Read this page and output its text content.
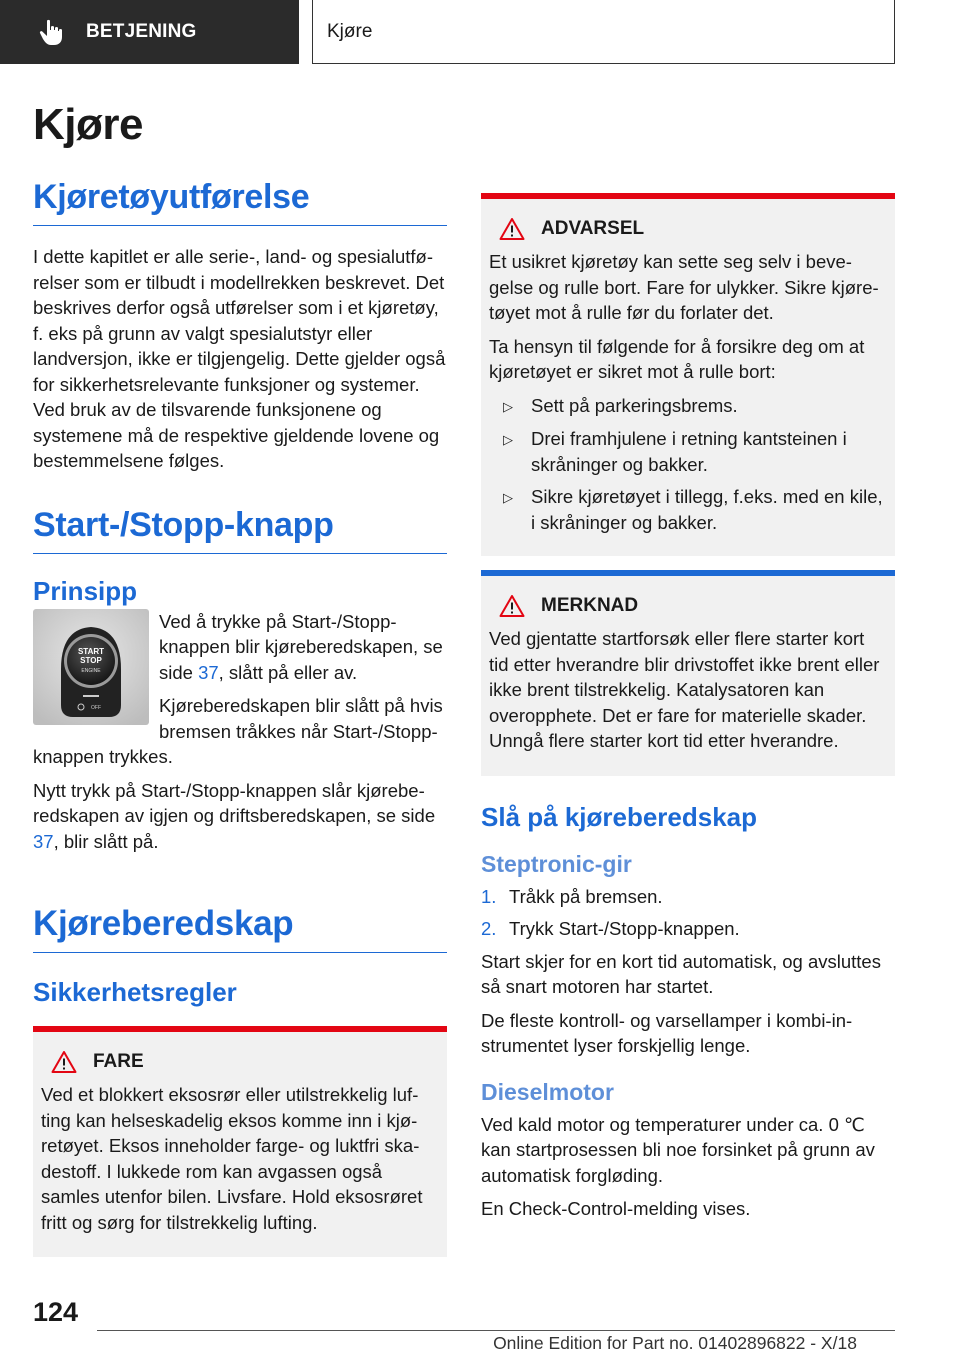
BETJENING	Kjøre
Kjøre
Kjøretøyutførelse

I dette kapitlet er alle serie-, land- og spesialutførelser som er tilbudt i modellrekken beskrevet. Det beskrives derfor også utførelser som i et kjøretøy, f. eks på grunn av valgt spesialutstyr eller landversjon, ikke er tilgjengelig. Dette gjelder også for sikkerhetsrelevante funksjoner og systemer. Ved bruk av de tilsvarende funksjonene og systemene må de respektive gjeldende lovene og bestemmelsene følges.

Start-/Stopp-knapp
Prinsipp
START
STOP
ENGINE
OFF

Ved å trykke på Start-/Stopp-knappen blir kjøreberedskapen, se side 37, slått på eller av.

Kjøreberedskapen blir slått på hvis bremsen tråkkes når Start-/Stopp-knappen trykkes.

Nytt trykk på Start-/Stopp-knappen slår kjøreberedskapen av igjen og driftsberedskapen, se side 37, blir slått på.

Kjøreberedskap
Sikkerhetsregler
FARE

Ved et blokkert eksosrør eller utilstrekkelig lufting kan helseskadelig eksos komme inn i kjøretøyet. Eksos inneholder farge- og luktfri skadestoff. I lukkede rom kan avgassen også samles utenfor bilen. Livsfare. Hold eksosrøret fritt og sørg for tilstrekkelig lufting.

ADVARSEL

Et usikret kjøretøy kan sette seg selv i bevegelse og rulle bort. Fare for ulykker. Sikre kjøretøyet mot å rulle før du forlater det.

Ta hensyn til følgende for å forsikre deg om at kjøretøyet er sikret mot å rulle bort:

▷ Sett på parkeringsbrems.
▷ Drei framhjulene i retning kantsteinen i skråninger og bakker.
▷ Sikre kjøretøyet i tillegg, f.eks. med en kile, i skråninger og bakker.
MERKNAD

Ved gjentatte startforsøk eller flere starter kort tid etter hverandre blir drivstoffet ikke brent eller ikke brent tilstrekkelig. Katalysatoren kan overopphete. Det er fare for materielle skader. Unngå flere starter kort tid etter hverandre.

Slå på kjøreberedskap
Steptronic-gir
1. Tråkk på bremsen.
2. Trykk Start-/Stopp-knappen.

Start skjer for en kort tid automatisk, og avsluttes så snart motoren har startet.

De fleste kontroll- og varsellamper i kombi-instrumentet lyser forskjellig lenge.

Dieselmotor

Ved kald motor og temperaturer under ca. 0 ℃ kan startprosessen bli noe forsinket på grunn av automatisk forgløding.

En Check-Control-melding vises.

124
Online Edition for Part no. 01402896822 - X/18
